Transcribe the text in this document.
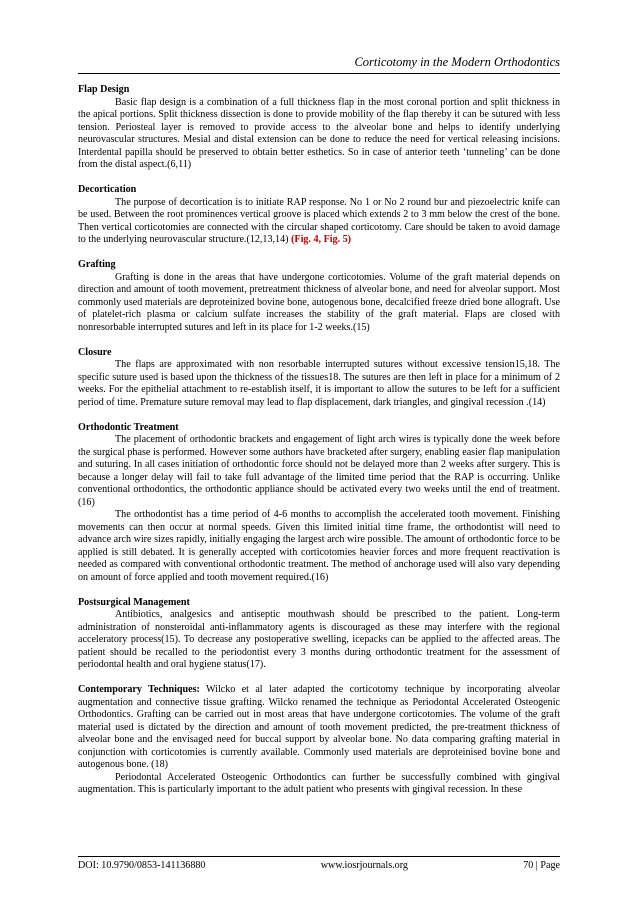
Corticotomy in the Modern Orthodontics
Flap Design

Basic flap design is a combination of a full thickness flap in the most coronal portion and split thickness in the apical portions. Split thickness dissection is done to provide mobility of the flap thereby it can be sutured with less tension. Periosteal layer is removed to provide access to the alveolar bone and helps to identify underlying neurovascular structures. Mesial and distal extension can be done to reduce the need for vertical releasing incisions. Interdental papilla should be preserved to obtain better esthetics. So in case of anterior teeth ‘tunneling’ can be done from the distal aspect.(6,11)

Decortication

The purpose of decortication is to initiate RAP response. No 1 or No 2 round bur and piezoelectric knife can be used. Between the root prominences vertical groove is placed which extends 2 to 3 mm below the crest of the bone. Then vertical corticotomies are connected with the circular shaped corticotomy. Care should be taken to avoid damage to the underlying neurovascular structure.(12,13,14) (Fig. 4, Fig. 5)

Grafting

Grafting is done in the areas that have undergone corticotomies. Volume of the graft material depends on direction and amount of tooth movement, pretreatment thickness of alveolar bone, and need for alveolar support. Most commonly used materials are deproteinized bovine bone, autogenous bone, decalcified freeze dried bone allograft. Use of platelet-rich plasma or calcium sulfate increases the stability of the graft material. Flaps are closed with nonresorbable interrupted sutures and left in its place for 1-2 weeks.(15)

Closure

The flaps are approximated with non resorbable interrupted sutures without excessive tension15,18. The specific suture used is based upon the thickness of the tissues18. The sutures are then left in place for a minimum of 2 weeks. For the epithelial attachment to re-establish itself, it is important to allow the sutures to be left for a sufficient period of time. Premature suture removal may lead to flap displacement, dark triangles, and gingival recession .(14)

Orthodontic Treatment

The placement of orthodontic brackets and engagement of light arch wires is typically done the week before the surgical phase is performed. However some authors have bracketed after surgery, enabling easier flap manipulation and suturing. In all cases initiation of orthodontic force should not be delayed more than 2 weeks after surgery. This is because a longer delay will fail to take full advantage of the limited time period that the RAP is occurring. Unlike conventional orthodontics, the orthodontic appliance should be activated every two weeks until the end of treatment. (16)

The orthodontist has a time period of 4-6 months to accomplish the accelerated tooth movement. Finishing movements can then occur at normal speeds. Given this limited initial time frame, the orthodontist will need to advance arch wire sizes rapidly, initially engaging the largest arch wire possible. The amount of orthodontic force to be applied is still debated. It is generally accepted with corticotomies heavier forces and more frequent reactivation is needed as compared with conventional orthodontic treatment. The method of anchorage used will also vary depending on amount of force applied and tooth movement required.(16)

Postsurgical Management

Antibiotics, analgesics and antiseptic mouthwash should be prescribed to the patient. Long-term administration of nonsteroidal anti-inflammatory agents is discouraged as these may interfere with the regional acceleratory process(15). To decrease any postoperative swelling, icepacks can be applied to the affected areas. The patient should be recalled to the periodontist every 3 months during orthodontic treatment for the assessment of periodontal health and oral hygiene status(17).

Contemporary Techniques: Wilcko et al later adapted the corticotomy technique by incorporating alveolar augmentation and connective tissue grafting. Wilcko renamed the technique as Periodontal Accelerated Osteogenic Orthodontics. Grafting can be carried out in most areas that have undergone corticotomies. The volume of the graft material used is dictated by the direction and amount of tooth movement predicted, the pre-treatment thickness of alveolar bone and the envisaged need for buccal support by alveolar bone. No data comparing grafting material in conjunction with corticotomies is currently available. Commonly used materials are deproteinised bovine bone and autogenous bone. (18)

Periodontal Accelerated Osteogenic Orthodontics can further be successfully combined with gingival augmentation. This is particularly important to the adult patient who presents with gingival recession. In these

DOI: 10.9790/0853-141136880	www.iosrjournals.org	70 | Page
